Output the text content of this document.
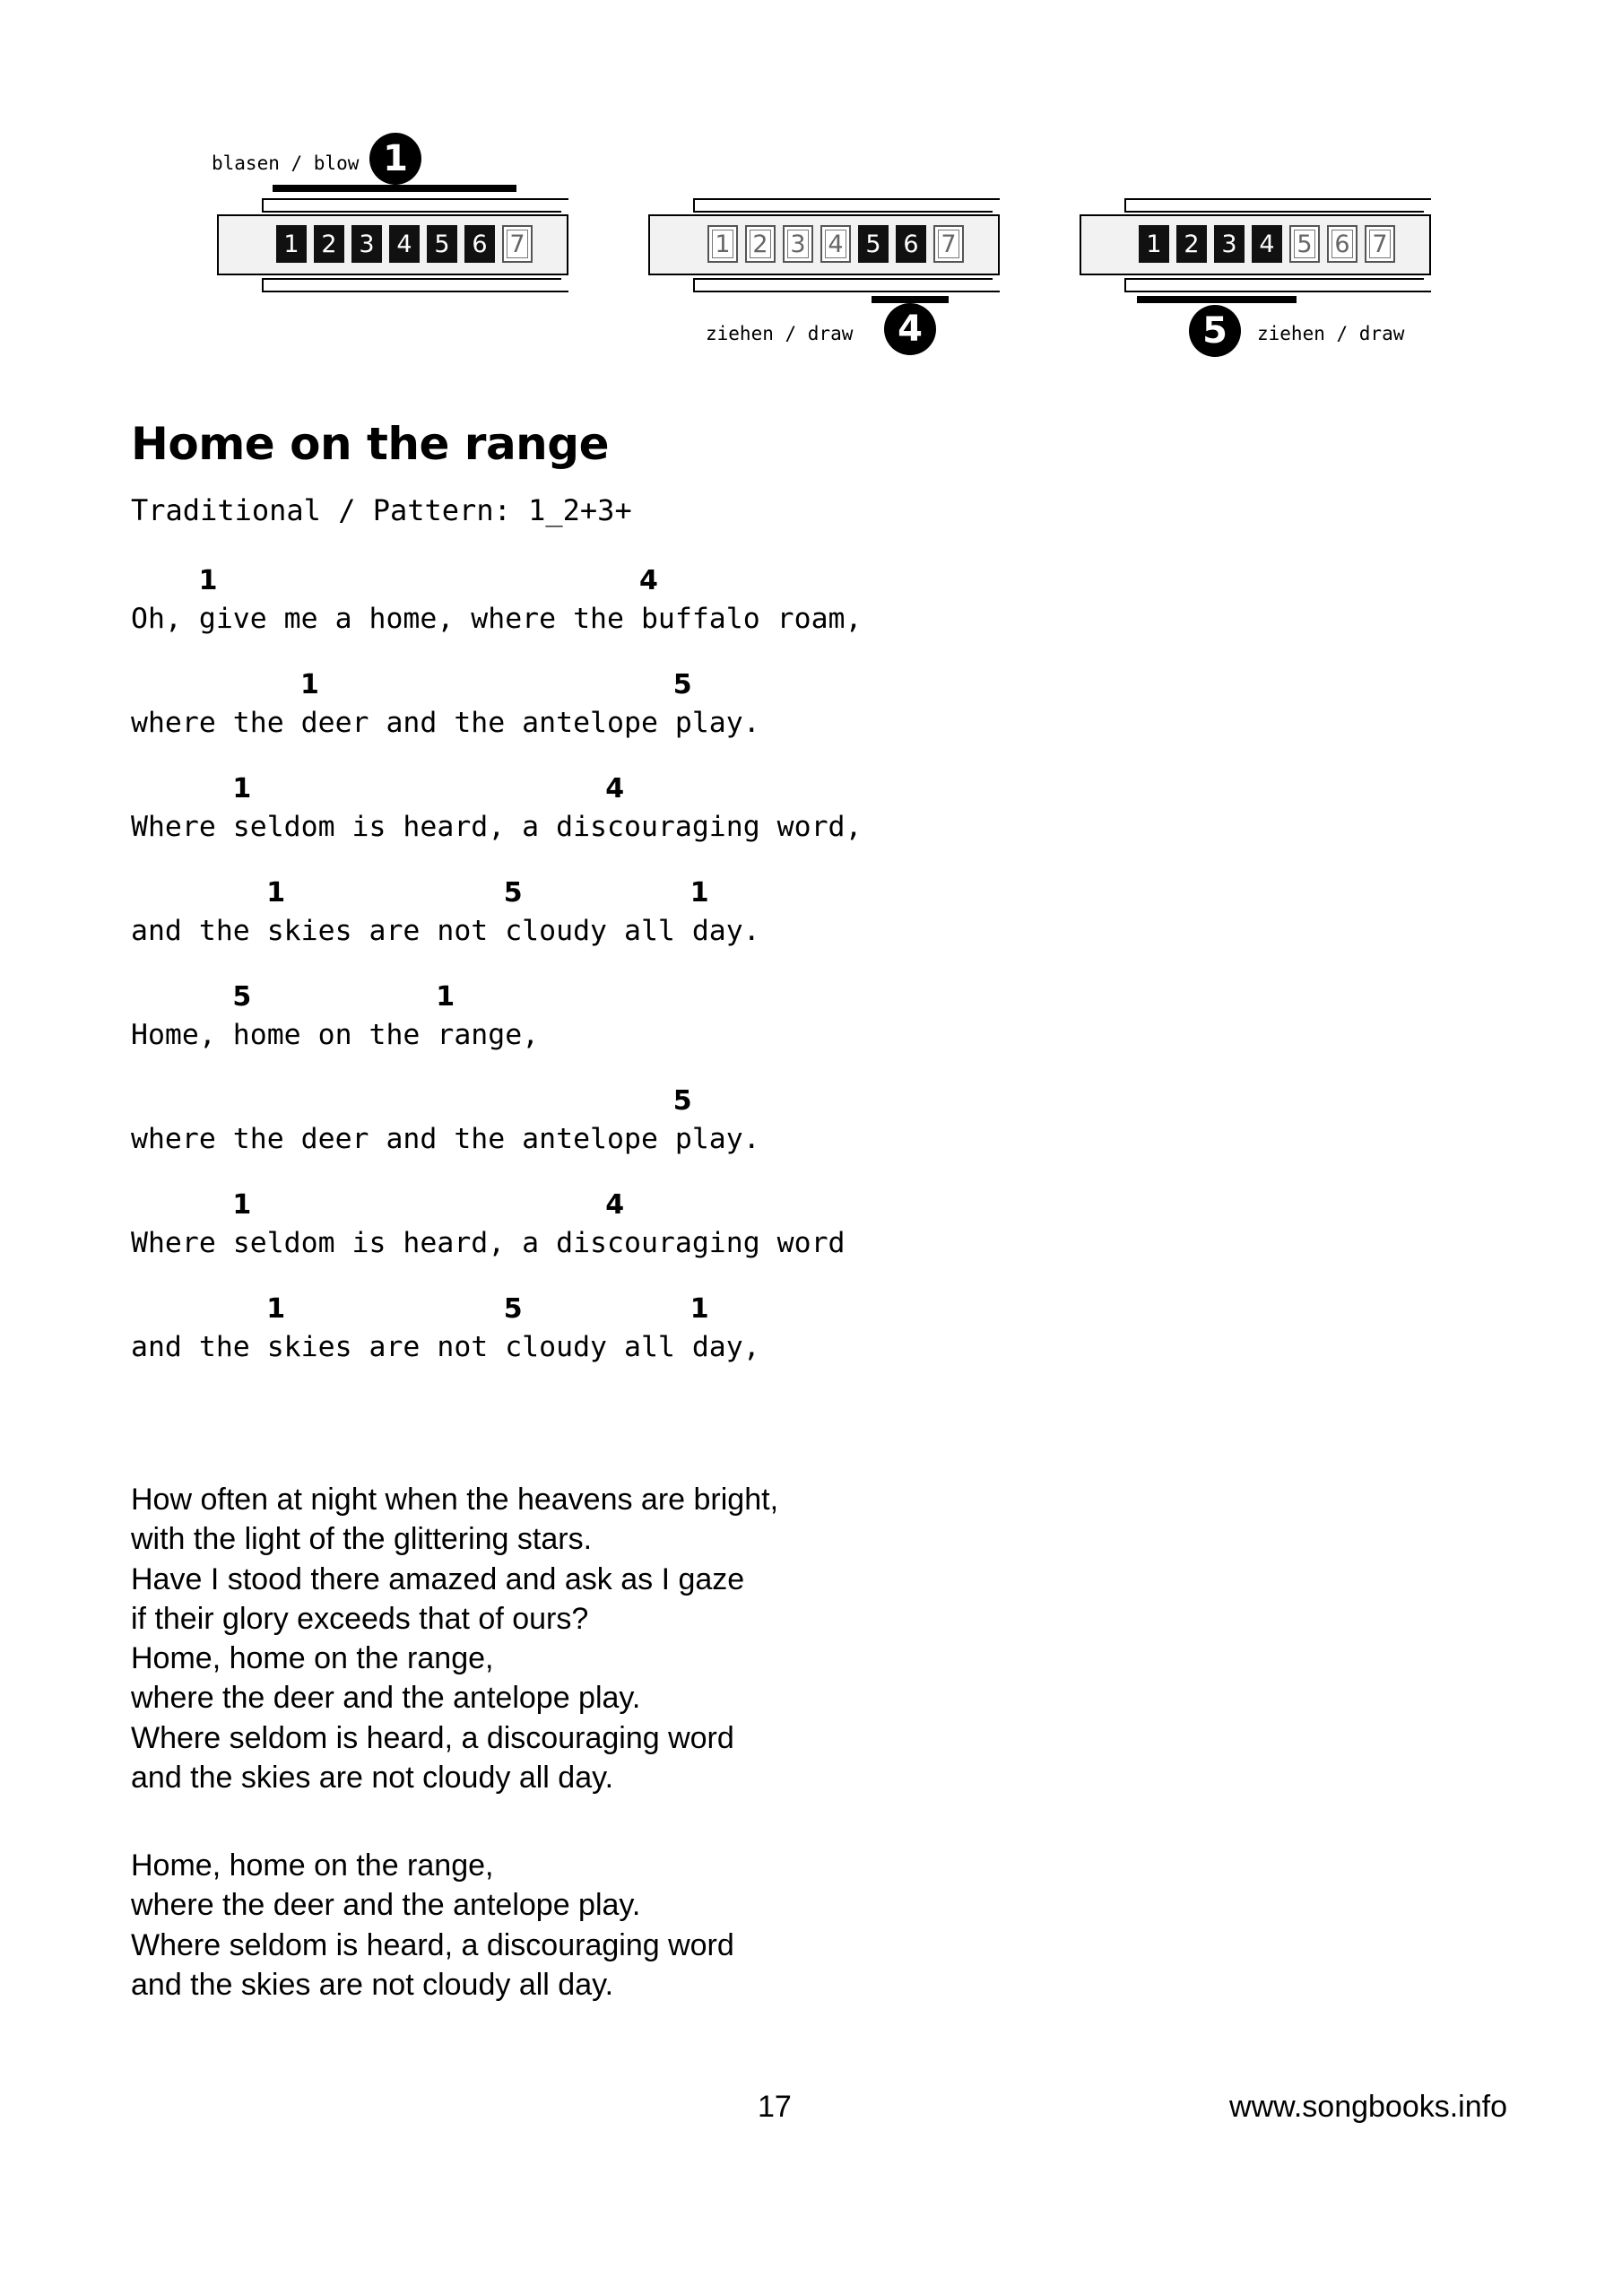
blasen / blow 1
1 2 3 4 5 6 7	1 2 3 4 5 6 7
ziehen / draw	4
1 2 3 4 5 6 7
5	ziehen / draw
Home on the range

Traditional / Pattern: 1_2+3+

1	4
Oh, give me a home, where the buffalo roam,
1	5
where the deer and the antelope play.
1	4
Where seldom is heard, a discouraging word,
1	5	1
and the skies are not cloudy all day.
5	1
Home, home on the range,
5
where the deer and the antelope play.
1	4
Where seldom is heard, a discouraging word
1	5	1
and the skies are not cloudy all day,
How often at night when the heavens are bright,
with the light of the glittering stars.
Have I stood there amazed and ask as I gaze
if their glory exceeds that of ours?
Home, home on the range,
where the deer and the antelope play.
Where seldom is heard, a discouraging word
and the skies are not cloudy all day.
Home, home on the range,
where the deer and the antelope play.
Where seldom is heard, a discouraging word
and the skies are not cloudy all day.
17	www.songbooks.info
